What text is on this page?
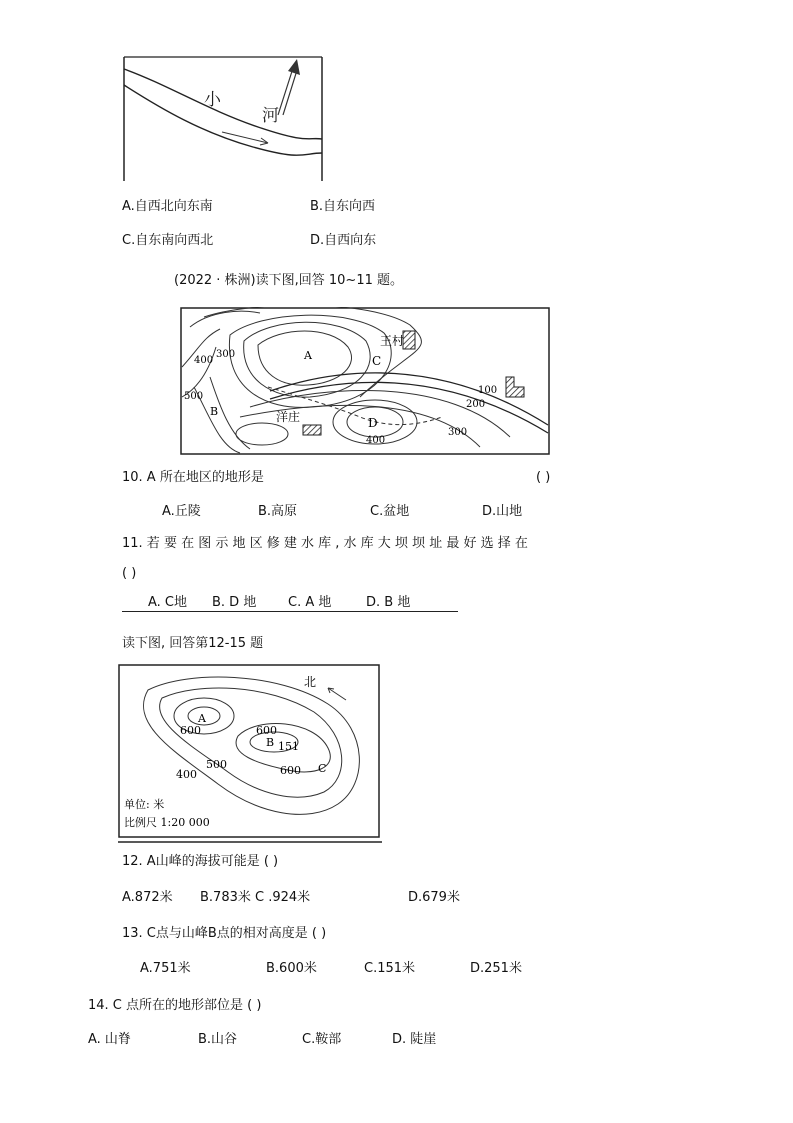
小
河
A.自西北向东南	B.自东向西
C.自东南向西北	D.自西向东
(2022 · 株洲)读下图,回答 10~11 题。
A	C
王村
B	洋庄	D
400
300
500
100
200
400
300
10. A 所在地区的地形是	( )
A.丘陵	B.高原	C.盆地	D.山地
11. 若 要 在 图 示 地 区 修 建 水 库 , 水 库 大 坝 坝 址 最 好 选 择 在
( )
A. C地 B. D 地 C. A 地	D. B 地
读下图, 回答第12-15 题
北
A
B 151
C
600	600
500	600
400
单位: 米
比例尺 1:20 000
12. A山峰的海拔可能是 ( )
A.872米 B.783米 C .924米	D.679米
13. C点与山峰B点的相对高度是 ( )
A.751米	B.600米	C.151米	D.251米
14. C 点所在的地形部位是 ( )
A. 山脊	B.山谷	C.鞍部	D. 陡崖
